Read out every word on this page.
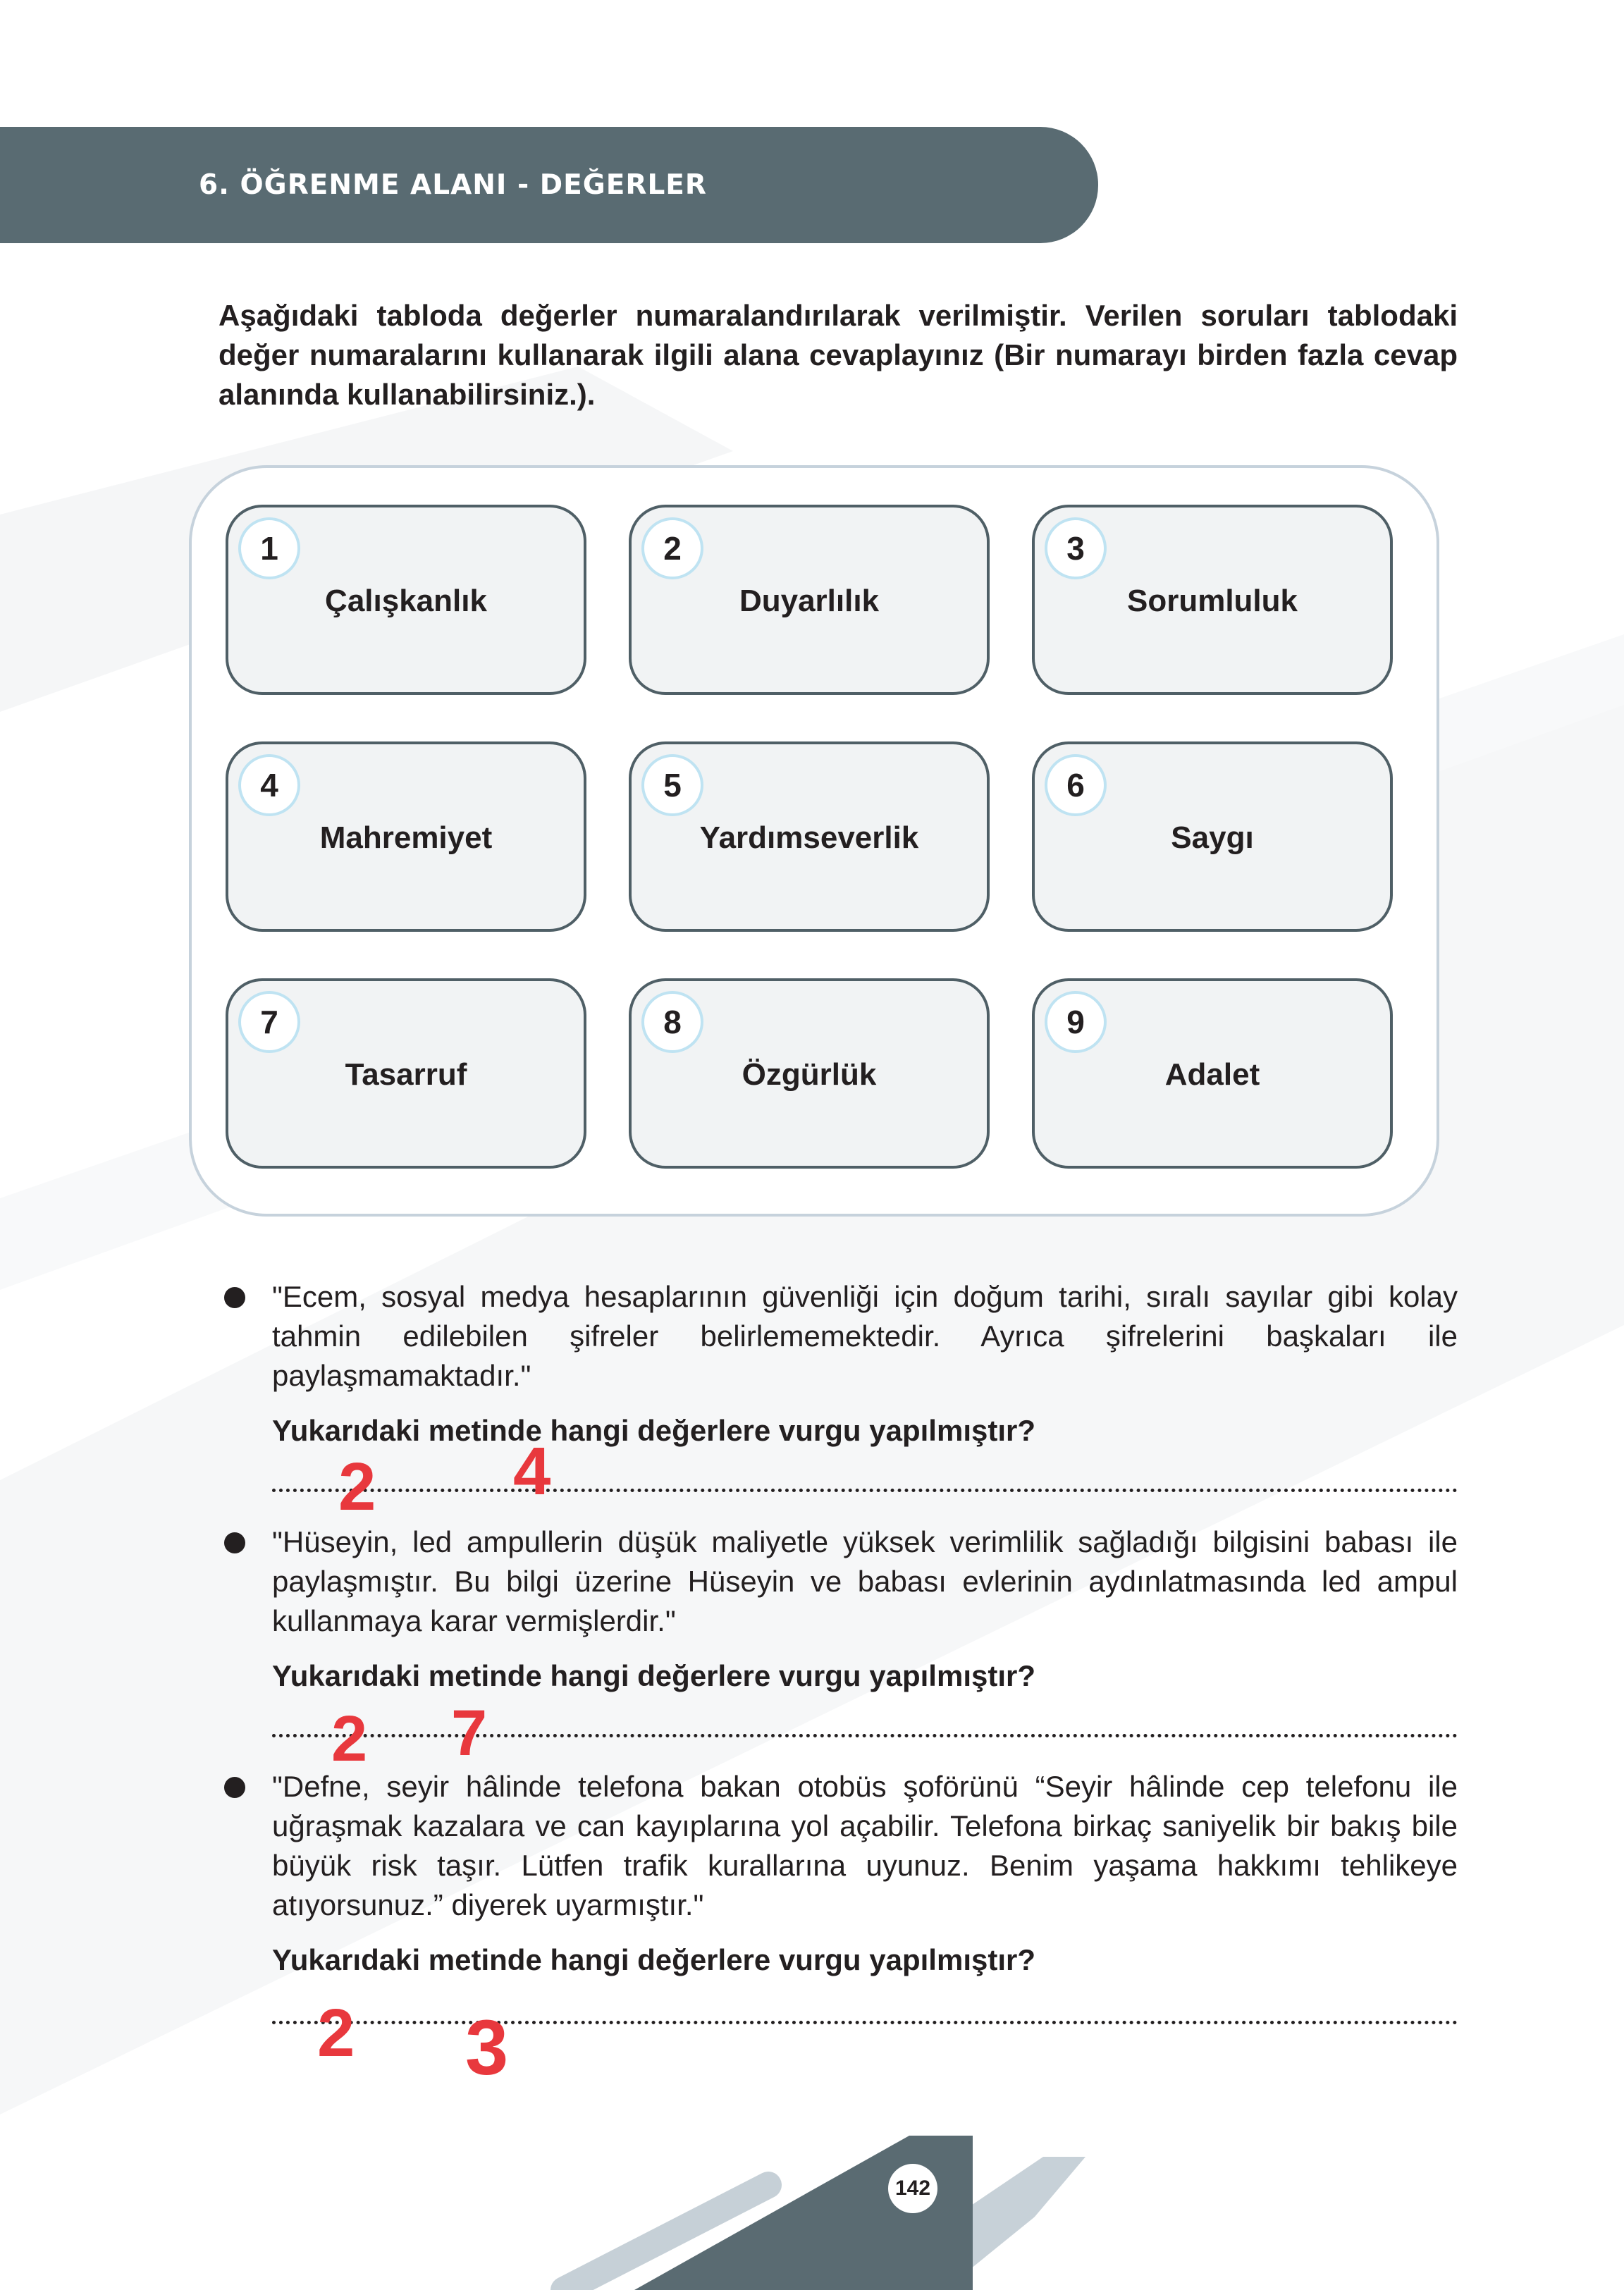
6. ÖĞRENME ALANI - DEĞERLER
Aşağıdaki tabloda değerler numaralandırılarak verilmiştir. Verilen soruları tablodaki değer numaralarını kullanarak ilgili alana cevaplayınız (Bir numarayı birden fazla cevap alanında kullanabilirsiniz.).
1
Çalışkanlık
2
Duyarlılık
3
Sorumluluk
4
Mahremiyet
5
Yardımseverlik
6
Saygı
7
Tasarruf
8
Özgürlük
9
Adalet
"Ecem, sosyal medya hesaplarının güvenliği için doğum tarihi, sıralı sayılar gibi kolay tahmin edilebilen şifreler belirlememektedir. Ayrıca şifrelerini başkaları ile paylaşmamaktadır."
Yukarıdaki metinde hangi değerlere vurgu yapılmıştır?
2 4
"Hüseyin, led ampullerin düşük maliyetle yüksek verimlilik sağladığı bilgisini babası ile paylaşmıştır. Bu bilgi üzerine Hüseyin ve babası evlerinin aydınlatmasında led ampul kullanmaya karar vermişlerdir."
Yukarıdaki metinde hangi değerlere vurgu yapılmıştır?
2 7
"Defne, seyir hâlinde telefona bakan otobüs şoförünü “Seyir hâlinde cep telefonu ile uğraşmak kazalara ve can kayıplarına yol açabilir. Telefona birkaç saniyelik bir bakış bile büyük risk taşır. Lütfen trafik kurallarına uyunuz. Benim yaşama hakkımı tehlikeye atıyorsunuz.” diyerek uyarmıştır."
Yukarıdaki metinde hangi değerlere vurgu yapılmıştır?
2 3
142
